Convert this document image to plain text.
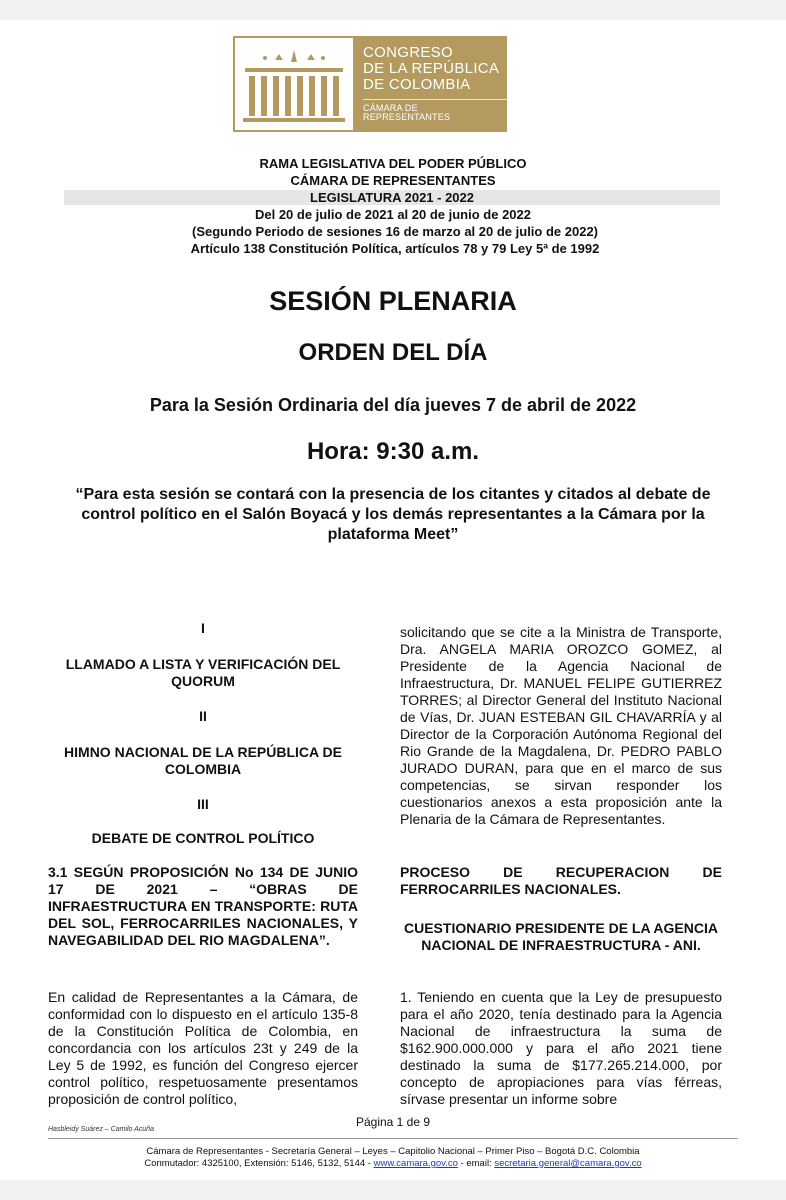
CONGRESO
DE LA REPÚBLICA
DE COLOMBIA
CÁMARA DE REPRESENTANTES
RAMA LEGISLATIVA DEL PODER PÚBLICO
CÁMARA DE REPRESENTANTES
LEGISLATURA 2021 - 2022
Del 20 de julio de 2021 al 20 de junio de 2022
(Segundo Periodo de sesiones 16 de marzo al 20 de julio de 2022) Artículo 138 Constitución Política, artículos 78 y 79 Ley 5ª de 1992
SESIÓN PLENARIA
ORDEN DEL DÍA
Para la Sesión Ordinaria del día jueves 7 de abril de 2022
Hora: 9:30 a.m.
“Para esta sesión se contará con la presencia de los citantes y citados al debate de control político en el Salón Boyacá y los demás representantes a la Cámara por la plataforma Meet”
I
LLAMADO A LISTA Y VERIFICACIÓN DEL QUORUM
II
HIMNO NACIONAL DE LA REPÚBLICA DE COLOMBIA
III
DEBATE DE CONTROL POLÍTICO
3.1 SEGÚN PROPOSICIÓN No 134 DE JUNIO 17 DE 2021 – “OBRAS DE INFRAESTRUCTURA EN TRANSPORTE: RUTA DEL SOL, FERROCARRILES NACIONALES, Y NAVEGABILIDAD DEL RIO MAGDALENA”.
En calidad de Representantes a la Cámara, de conformidad con lo dispuesto en el artículo 135-8 de la Constitución Política de Colombia, en concordancia con los artículos 23t y 249 de la Ley 5 de 1992, es función del Congreso ejercer control político, respetuosamente presentamos proposición de control político,
solicitando que se cite a la Ministra de Transporte, Dra. ANGELA MARIA OROZCO GOMEZ, al Presidente de la Agencia Nacional de Infraestructura, Dr. MANUEL FELIPE GUTIERREZ TORRES; al Director General del Instituto Nacional de Vías, Dr. JUAN ESTEBAN GIL CHAVARRÍA y al Director de la Corporación Autónoma Regional del Rio Grande de la Magdalena, Dr. PEDRO PABLO JURADO DURAN, para que en el marco de sus competencias, se sirvan responder los cuestionarios anexos a esta proposición ante la Plenaria de la Cámara de Representantes.
PROCESO DE RECUPERACION DE FERROCARRILES NACIONALES.
CUESTIONARIO PRESIDENTE DE LA AGENCIA NACIONAL DE INFRAESTRUCTURA - ANI.
1. Teniendo en cuenta que la Ley de presupuesto para el año 2020, tenía destinado para la Agencia Nacional de infraestructura la suma de $162.900.000.000 y para el año 2021 tiene destinado la suma de $177.265.214.000, por concepto de apropiaciones para vías férreas, sírvase presentar un informe sobre
Página 1 de 9
Hasbleidy Suárez – Camilo Acuña
Cámara de Representantes - Secretaría General – Leyes – Capitolio Nacional – Primer Piso – Bogotá D.C. Colombia
Conmutador: 4325100, Extensión: 5146, 5132, 5144 - www.camara.gov.co - email: secretaria.general@camara.gov.co
